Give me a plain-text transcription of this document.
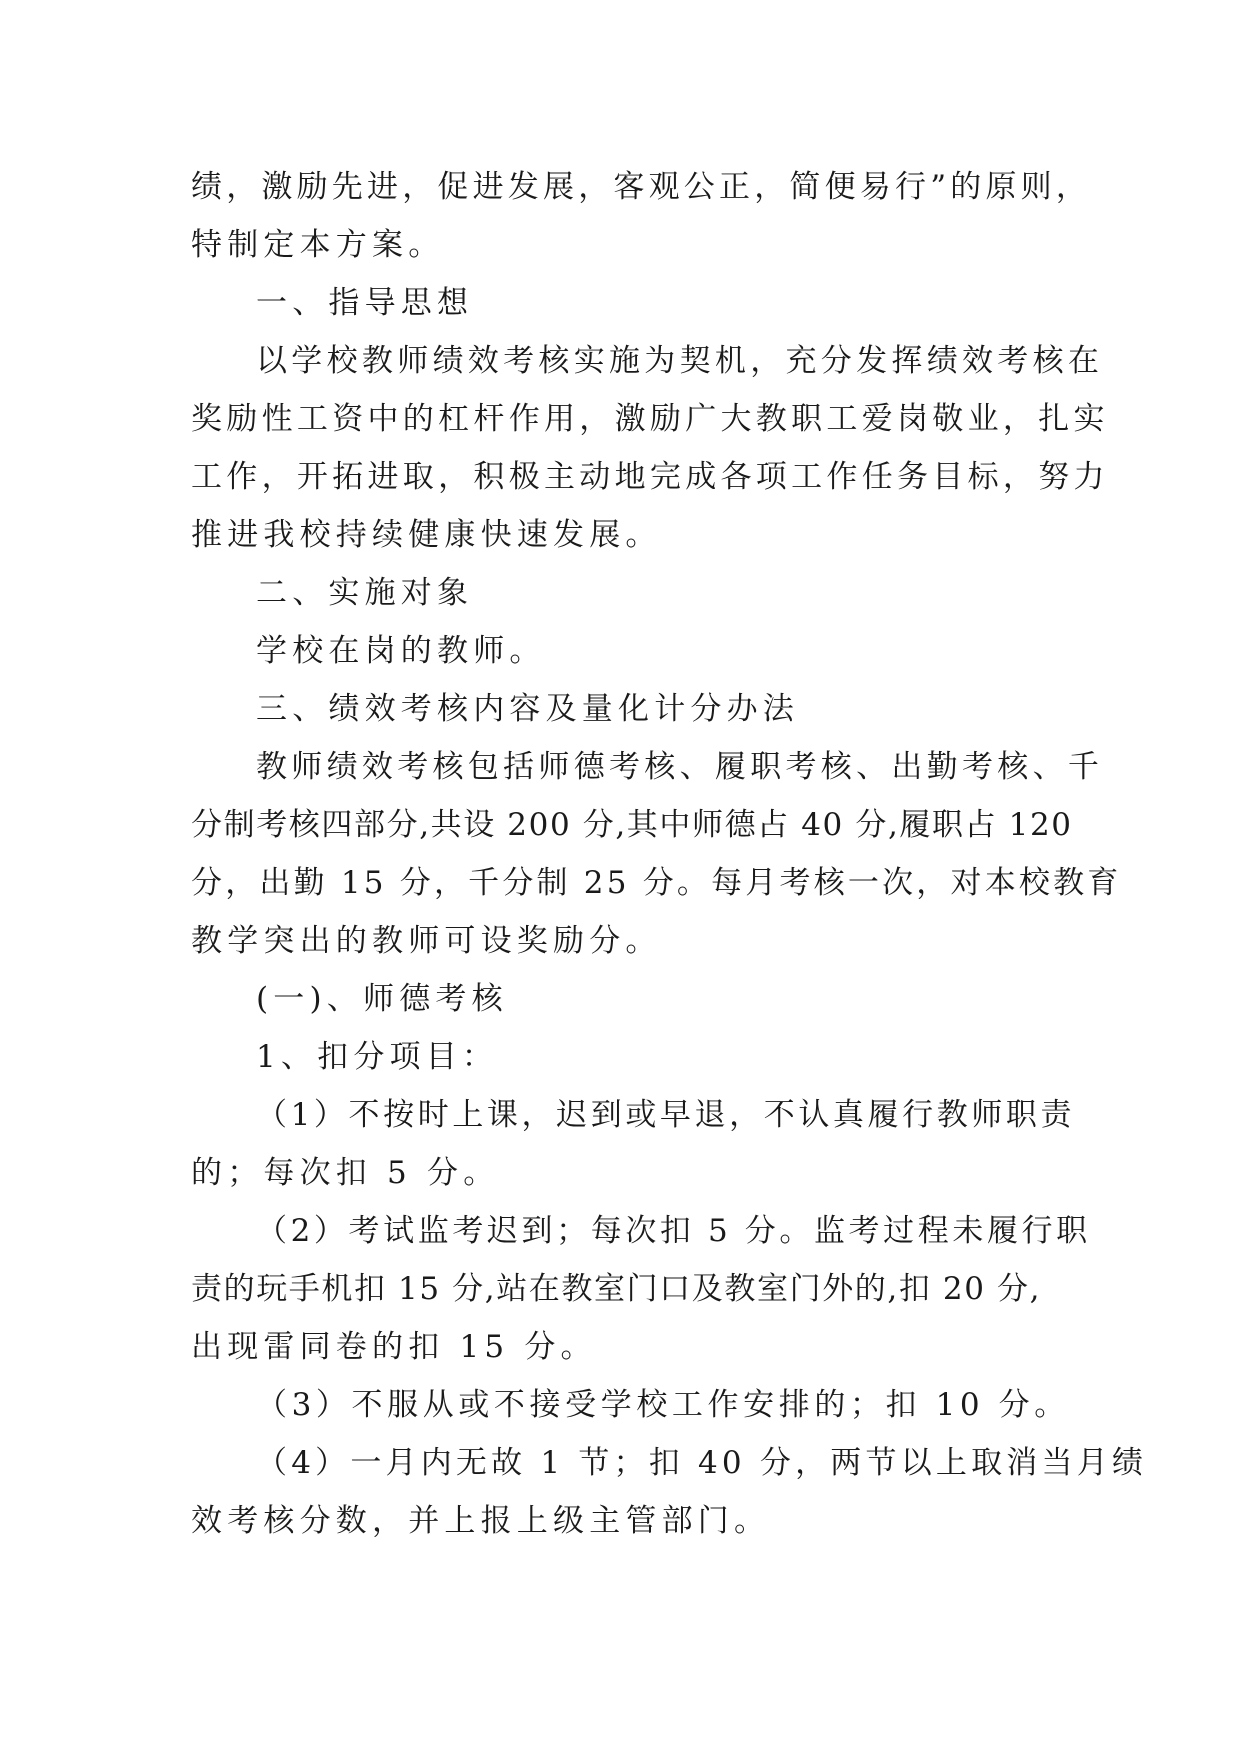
绩，激励先进，促进发展，客观公正，简便易行”的原则，
特制定本方案。
一、指导思想
以学校教师绩效考核实施为契机，充分发挥绩效考核在
奖励性工资中的杠杆作用，激励广大教职工爱岗敬业，扎实
工作，开拓进取，积极主动地完成各项工作任务目标，努力
推进我校持续健康快速发展。
二、实施对象
学校在岗的教师。
三、绩效考核内容及量化计分办法
教师绩效考核包括师德考核、履职考核、出勤考核、千
分制考核四部分,共设 200 分,其中师德占 40 分,履职占 120
分，出勤 15 分，千分制 25 分。每月考核一次，对本校教育
教学突出的教师可设奖励分。
(一)、师德考核
1、扣分项目：
（1）不按时上课，迟到或早退，不认真履行教师职责
的；每次扣 5 分。
（2）考试监考迟到；每次扣 5 分。监考过程未履行职
责的玩手机扣 15 分,站在教室门口及教室门外的,扣 20 分,
出现雷同卷的扣 15 分。
（3）不服从或不接受学校工作安排的；扣 10 分。
（4）一月内无故 1 节；扣 40 分，两节以上取消当月绩
效考核分数，并上报上级主管部门。
